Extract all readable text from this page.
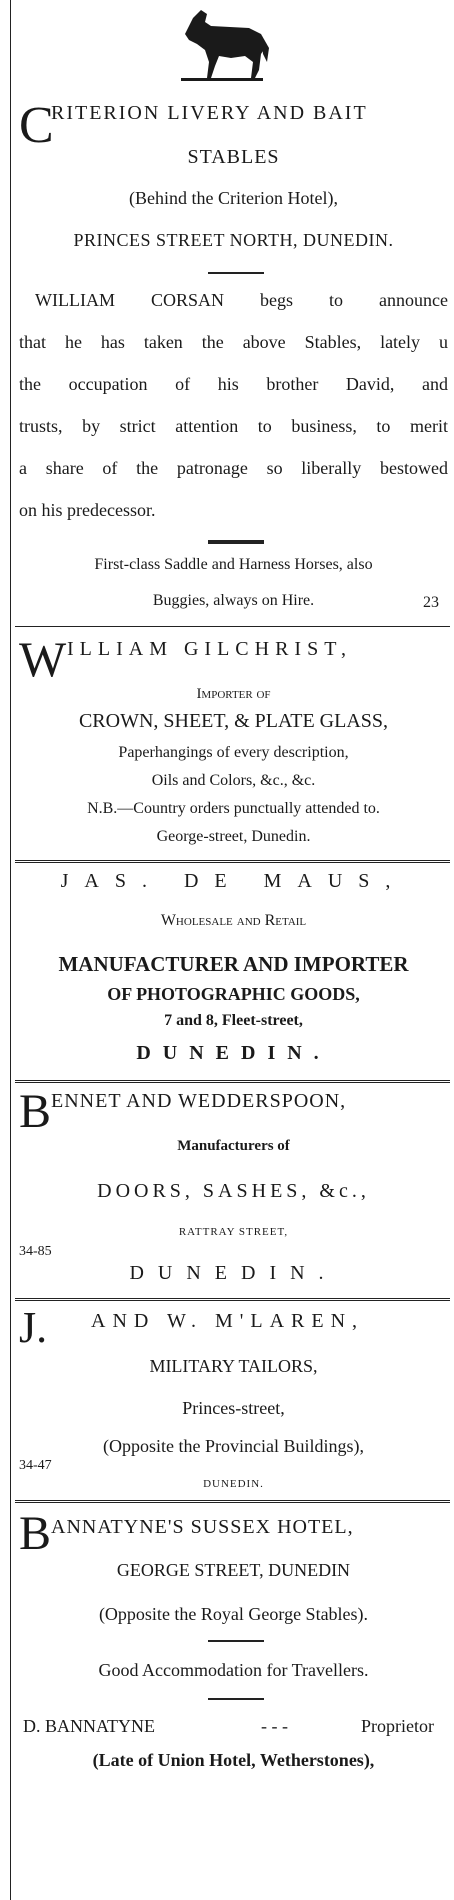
C
RITERION LIVERY AND BAIT
STABLES
(Behind the Criterion Hotel),
PRINCES STREET NORTH, DUNEDIN.
WILLIAM CORSAN begs to announce
that he has taken the above Stables, lately u
the occupation of his brother David, and
trusts, by strict attention to business, to merit
a share of the patronage so liberally bestowed
on his predecessor.
First-class Saddle and Harness Horses, also
Buggies, always on Hire.	23
W ILLIAM GILCHRIST,
Importer of
CROWN, SHEET, & PLATE GLASS,
Paperhangings of every description,
Oils and Colors, &c., &c.
N.B.—Country orders punctually attended to.
George-street, Dunedin.
JAS. DE MAUS,
Wholesale and Retail
MANUFACTURER AND IMPORTER
OF PHOTOGRAPHIC GOODS,
7 and 8, Fleet-street,
DUNEDIN.
B ENNET AND WEDDERSPOON,
Manufacturers of
DOORS, SASHES, &c.,
RATTRAY STREET,
34-85
DUNEDIN.
J. AND W. M'LAREN,
MILITARY TAILORS,
Princes-street,
(Opposite the Provincial Buildings),
34-47
DUNEDIN.
B ANNATYNE'S SUSSEX HOTEL,
GEORGE STREET, DUNEDIN
(Opposite the Royal George Stables).
Good Accommodation for Travellers.
D. BANNATYNE	- - -	Proprietor
(Late of Union Hotel, Wetherstones),
